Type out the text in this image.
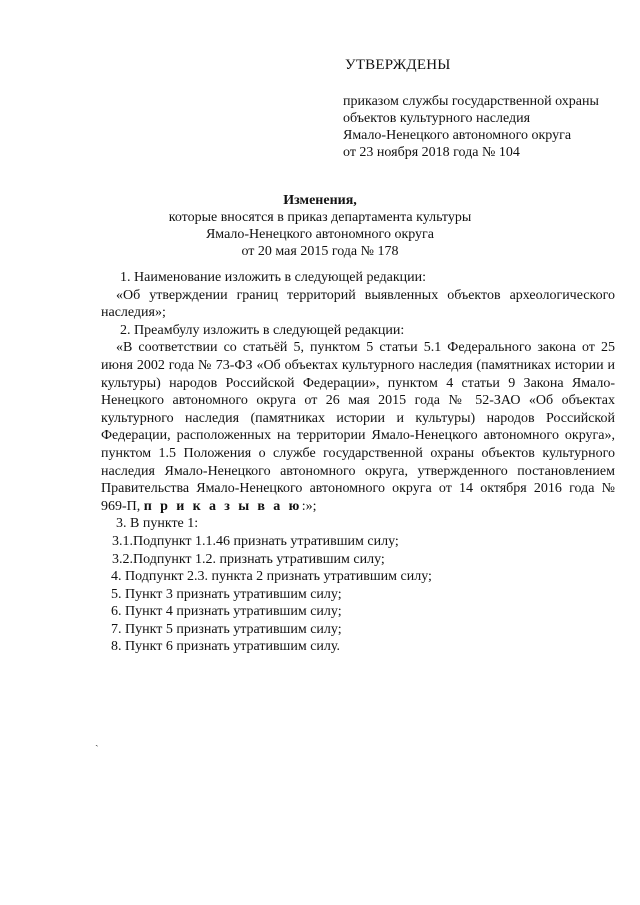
УТВЕРЖДЕНЫ

приказом службы государственной охраны

объектов культурного наследия

Ямало-Ненецкого автономного округа

от 23 ноября 2018 года № 104

Изменения,

которые вносятся в приказ департамента культуры

Ямало-Ненецкого автономного округа

от 20 мая 2015 года № 178

1. Наименование изложить в следующей редакции:

«Об утверждении границ территорий выявленных объектов археологического наследия»;

2. Преамбулу изложить в следующей редакции:

«В соответствии со статьёй 5, пунктом 5 статьи 5.1 Федерального закона от 25
июня 2002 года № 73-ФЗ «Об объектах культурного наследия (памятниках истории и
культуры) народов Российской Федерации», пунктом 4 статьи 9 Закона Ямало-
Ненецкого автономного округа от 26 мая 2015 года № 52-ЗАО «Об объектах
культурного наследия (памятниках истории и культуры) народов Российской
Федерации, расположенных на территории Ямало-Ненецкого автономного округа»,
пунктом 1.5 Положения о службе государственной охраны объектов культурного
наследия Ямало-Ненецкого автономного округа, утвержденного постановлением
Правительства Ямало-Ненецкого автономного округа от 14 октября 2016 года №
969-П, п р и к а з ы в а ю:»;

3. В пункте 1:

3.1.Подпункт 1.1.46 признать утратившим силу;

3.2.Подпункт 1.2. признать утратившим силу;

4. Подпункт 2.3. пункта 2 признать утратившим силу;

5. Пункт 3 признать утратившим силу;

6. Пункт 4 признать утратившим силу;

7. Пункт 5 признать утратившим силу;

8. Пункт 6 признать утратившим силу.

ˏ
